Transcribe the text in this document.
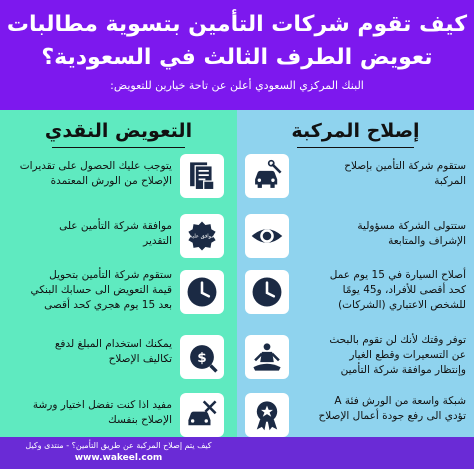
كيف تقوم شركات التأمين بتسوية مطالبات
تعويض الطرف الثالث في السعودية؟
البنك المركزي السعودي أعلن عن تاحة خيارين للتعويض:
إصلاح المركبة
ستقوم شركة التأمين بإصلاح
المركبة
ستتولى الشركة مسؤولية
الإشراف والمتابعة
أصلاح السيارة في 15 يوم عمل
كحد أقصى للأفراد، و45 يومًا
للشخص الاعتباري (الشركات)
توفر وقتك لأنك لن تقوم بالبحث
عن التسعيرات وقطع الغيار
وإنتظار موافقة شركة التأمين
شبكة واسعة من الورش فئة A
تؤدي الى رفع جودة أعمال الإصلاح
التعويض النقدي
يتوجب عليك الحصول على تقديرات
الإصلاح من الورش المعتمدة
موافق عليه
موافقة شركة التأمين على
التقدير
ستقوم شركة التأمين بتحويل
قيمة التعويض الى حسابك البنكي
بعد 15 يوم هجري كحد أقصى
$
يمكنك استخدام المبلغ لدفع
تكاليف الإصلاح
مفيد اذا كنت تفضل اختيار ورشة
الإصلاح بنفسك
كيف يتم إصلاح المركبة عن طريق التأمين؟ - منتدى وكيل
www.wakeel.com
